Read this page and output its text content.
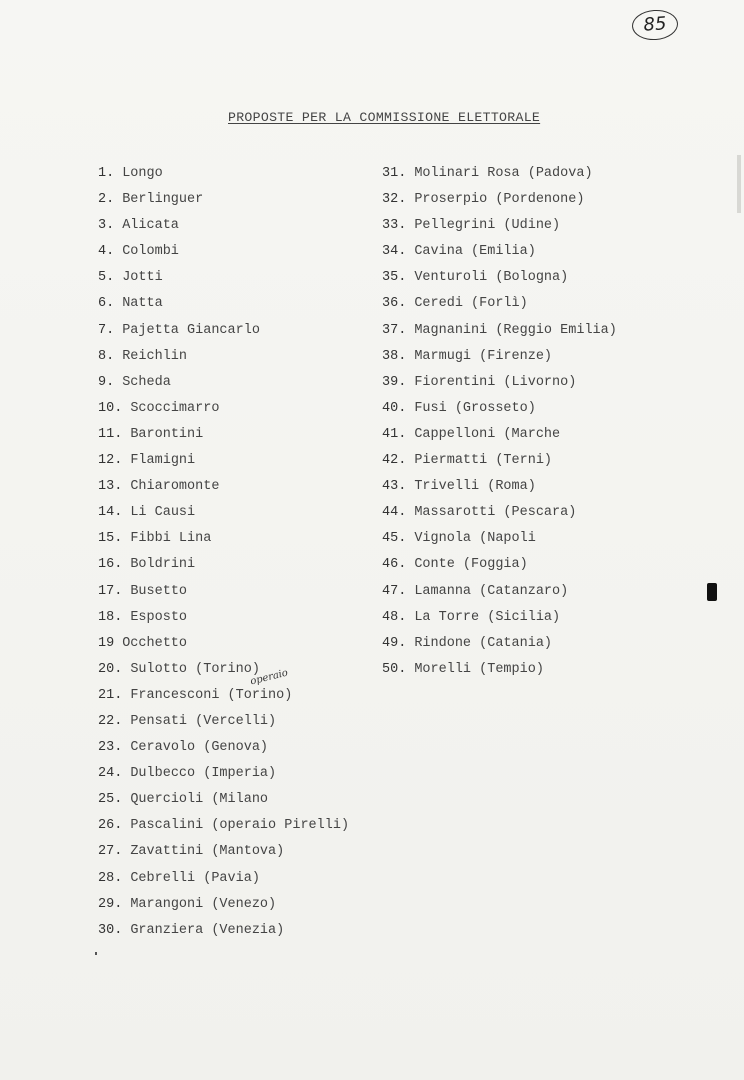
85
PROPOSTE PER LA COMMISSIONE ELETTORALE
1. Longo
2. Berlinguer
3. Alicata
4. Colombi
5. Jotti
6. Natta
7. Pajetta Giancarlo
8. Reichlin
9. Scheda
10. Scoccimarro
11. Barontini
12. Flamigni
13. Chiaromonte
14. Li Causi
15. Fibbi Lina
16. Boldrini
17. Busetto
18. Esposto
19 Occhetto
20. Sulotto (Torino)
21. Francesconi (Torino)
22. Pensati (Vercelli)
23. Ceravolo (Genova)
24. Dulbecco (Imperia)
25. Quercioli (Milano
26. Pascalini (operaio Pirelli)
27. Zavattini (Mantova)
28. Cebrelli (Pavia)
29. Marangoni (Venezo)
30. Granziera (Venezia)
31. Molinari Rosa (Padova)
32. Proserpio (Pordenone)
33. Pellegrini (Udine)
34. Cavina (Emilia)
35. Venturoli (Bologna)
36. Ceredi (Forlì)
37. Magnanini (Reggio Emilia)
38. Marmugi (Firenze)
39. Fiorentini (Livorno)
40. Fusi (Grosseto)
41. Cappelloni (Marche
42. Piermatti (Terni)
43. Trivelli (Roma)
44. Massarotti (Pescara)
45. Vignola (Napoli
46. Conte (Foggia)
47. Lamanna (Catanzaro)
48. La Torre (Sicilia)
49. Rindone (Catania)
50. Morelli (Tempio)
operaio
